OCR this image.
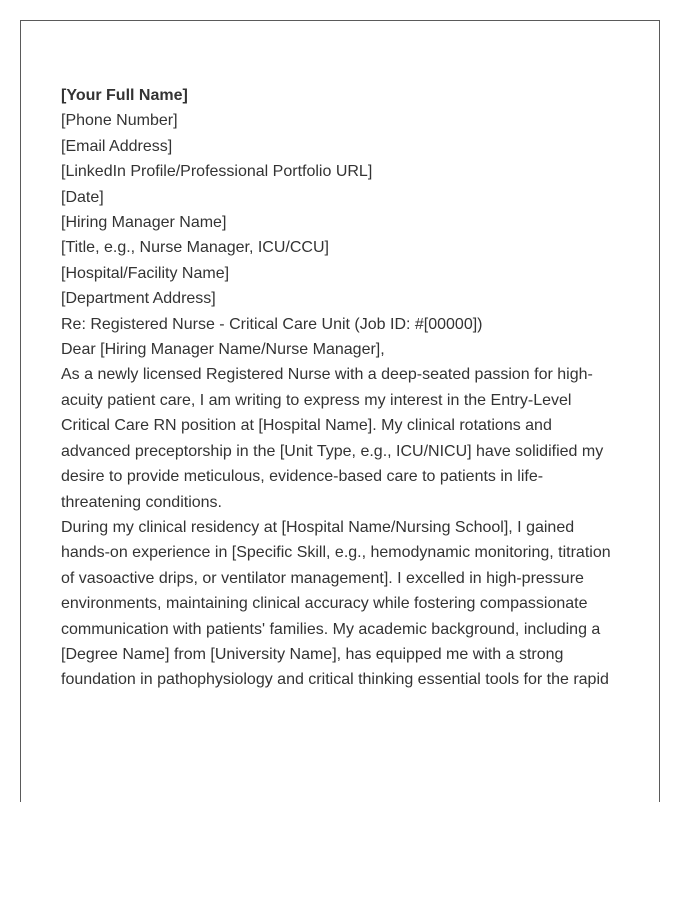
[Your Full Name]
[Phone Number]
[Email Address]
[LinkedIn Profile/Professional Portfolio URL]
[Date]
[Hiring Manager Name]
[Title, e.g., Nurse Manager, ICU/CCU]
[Hospital/Facility Name]
[Department Address]

Re: Registered Nurse - Critical Care Unit (Job ID: #[00000])

Dear [Hiring Manager Name/Nurse Manager],

As a newly licensed Registered Nurse with a deep-seated passion for high-acuity patient care, I am writing to express my interest in the Entry-Level Critical Care RN position at [Hospital Name]. My clinical rotations and advanced preceptorship in the [Unit Type, e.g., ICU/NICU] have solidified my desire to provide meticulous, evidence-based care to patients in life-threatening conditions.

During my clinical residency at [Hospital Name/Nursing School], I gained hands-on experience in [Specific Skill, e.g., hemodynamic monitoring, titration of vasoactive drips, or ventilator management]. I excelled in high-pressure environments, maintaining clinical accuracy while fostering compassionate communication with patients' families. My academic background, including a [Degree Name] from [University Name], has equipped me with a strong foundation in pathophysiology and critical thinking essential tools for the rapid
